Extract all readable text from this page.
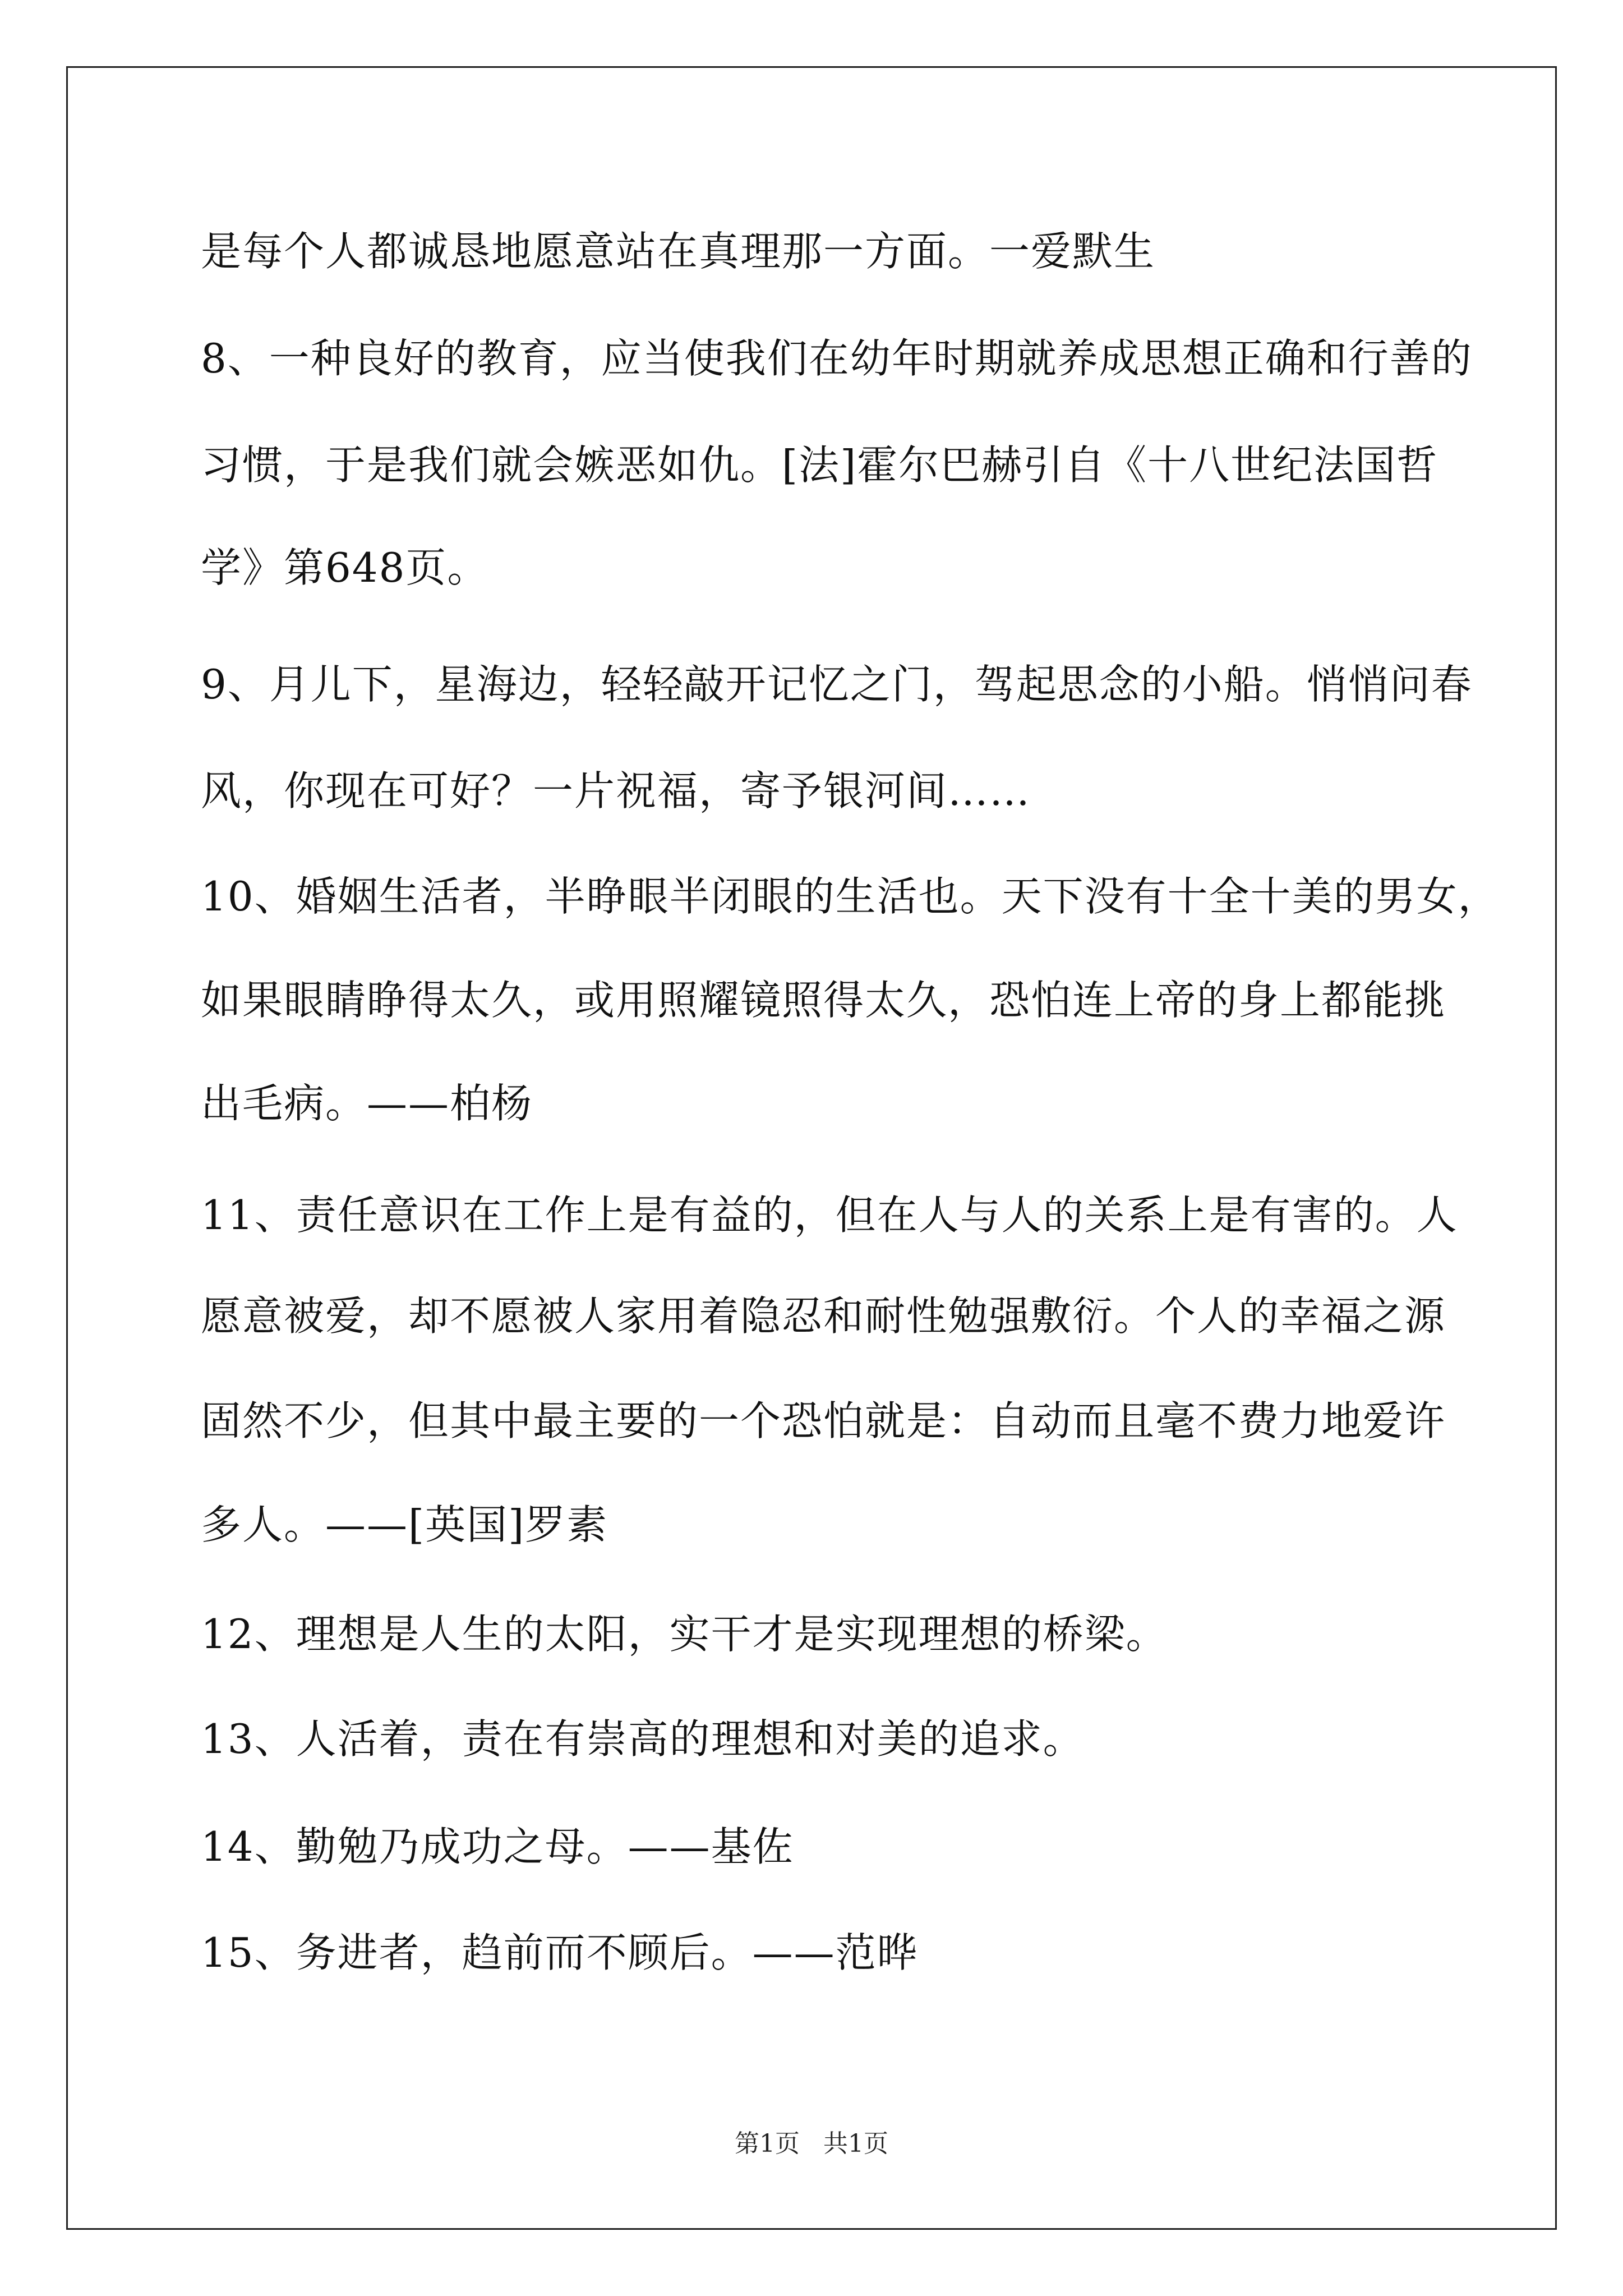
是每个人都诚恳地愿意站在真理那一方面。一爱默生
8、一种良好的教育，应当使我们在幼年时期就养成思想正确和行善的
习惯，于是我们就会嫉恶如仇。[法]霍尔巴赫引自《十八世纪法国哲
学》第648页。
9、月儿下，星海边，轻轻敲开记忆之门，驾起思念的小船。悄悄问春
风，你现在可好？一片祝福，寄予银河间……
10、婚姻生活者，半睁眼半闭眼的生活也。天下没有十全十美的男女，
如果眼睛睁得太久，或用照耀镜照得太久，恐怕连上帝的身上都能挑
出毛病。——柏杨
11、责任意识在工作上是有益的，但在人与人的关系上是有害的。人
愿意被爱，却不愿被人家用着隐忍和耐性勉强敷衍。个人的幸福之源
固然不少，但其中最主要的一个恐怕就是：自动而且毫不费力地爱许
多人。——[英国]罗素
12、理想是人生的太阳，实干才是实现理想的桥梁。
13、人活着，责在有崇高的理想和对美的追求。
14、勤勉乃成功之母。——基佐
15、务进者，趋前而不顾后。——范晔
第1页   共1页
